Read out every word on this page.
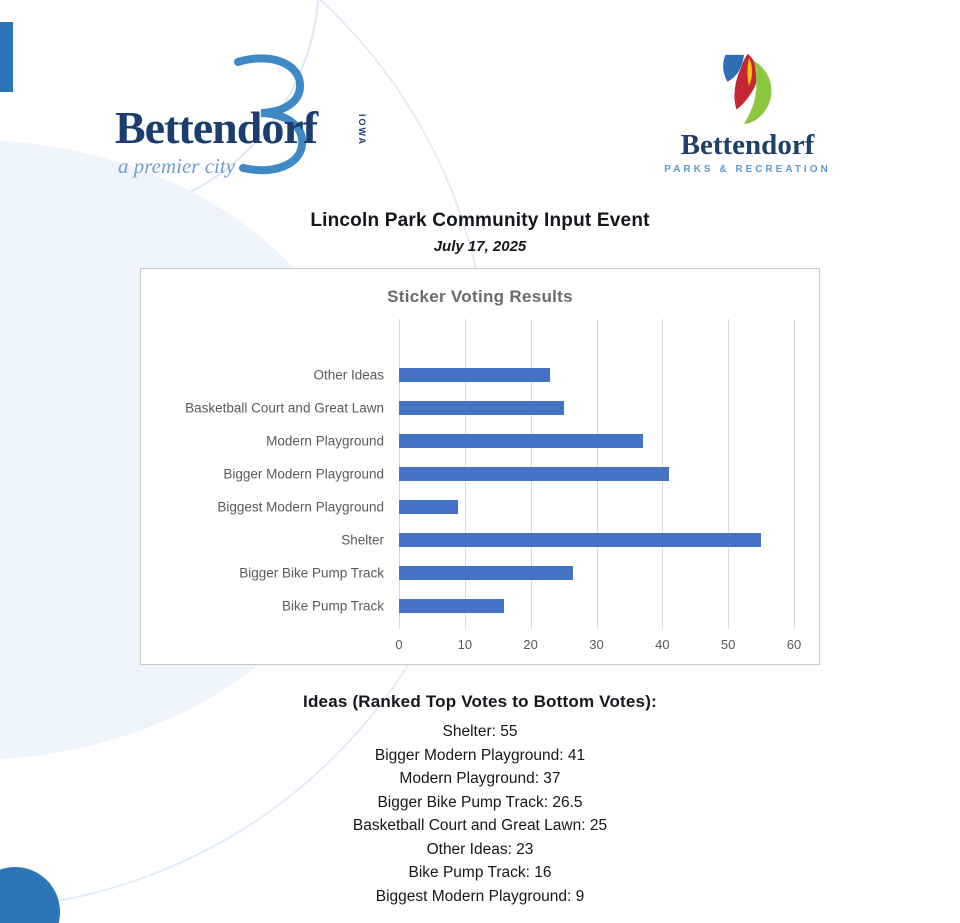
Bettendorf	IOWA
a premier city
Bettendorf
PARKS & RECREATION
Lincoln Park Community Input Event
July 17, 2025
Sticker Voting Results
Other Ideas
Basketball Court and Great Lawn
Modern Playground
Bigger Modern Playground
Biggest Modern Playground
Shelter
Bigger Bike Pump Track
Bike Pump Track
0	10	20	30	40	50	60
Ideas (Ranked Top Votes to Bottom Votes):
Shelter: 55
Bigger Modern Playground: 41
Modern Playground: 37
Bigger Bike Pump Track: 26.5
Basketball Court and Great Lawn: 25
Other Ideas: 23
Bike Pump Track: 16
Biggest Modern Playground: 9
